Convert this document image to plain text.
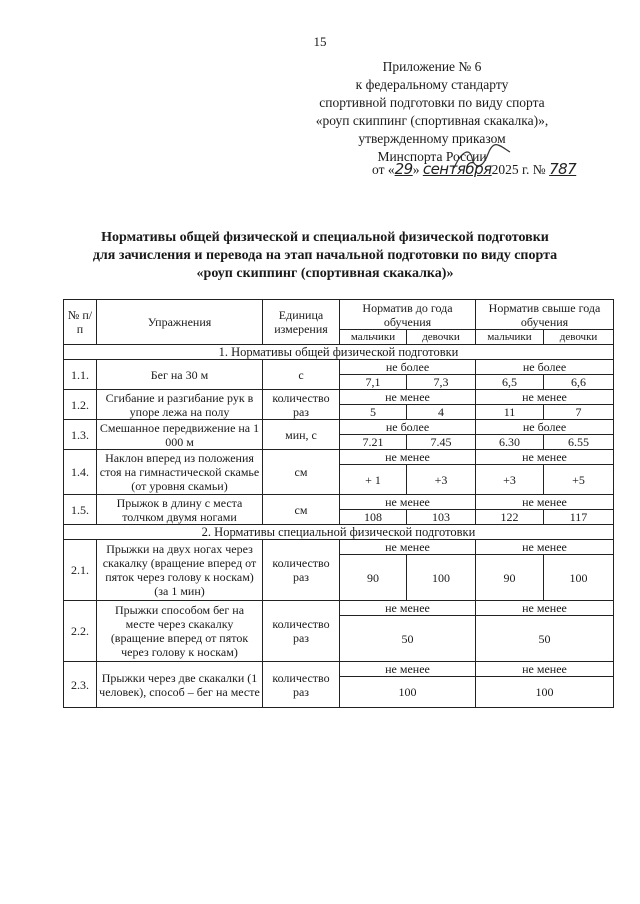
15
Приложение № 6
к федеральному стандарту
спортивной подготовки по виду спорта
«роуп скиппинг (спортивная скакалка)»,
утвержденному приказом
Минспорта России
от «29» сентября2025 г. № 787
Нормативы общей физической и специальной физической подготовки
для зачисления и перевода на этап начальной подготовки по виду спорта
«роуп скиппинг (спортивная скакалка)»
№ п/п	Упражнения	Единица измерения	Норматив до года обучения		Норматив свыше года обучения	
			мальчики	девочки	мальчики	девочки
1. Нормативы общей физической подготовки						
1.1.	Бег на 30 м	с	не более		не более	
			7,1	7,3	6,5	6,6
1.2.	Сгибание и разгибание рук в упоре лежа на полу	количество раз	не менее		не менее	
			5	4	11	7
1.3.	Смешанное передвижение на 1 000 м	мин, с	не более		не более	
			7.21	7.45	6.30	6.55
1.4.	Наклон вперед из положения стоя на гимнастической скамье (от уровня скамьи)	см	не менее		не менее	
			+ 1	+3	+3	+5
1.5.	Прыжок в длину с места толчком двумя ногами	см	не менее		не менее	
			108	103	122	117
2. Нормативы специальной физической подготовки						
2.1.	Прыжки на двух ногах через скакалку (вращение вперед от пяток через голову к носкам) (за 1 мин)	количество раз	не менее		не менее	
			90	100	90	100
2.2.	Прыжки способом бег на месте через скакалку (вращение вперед от пяток через голову к носкам)	количество раз	не менее		не менее	
			50		50	
2.3.	Прыжки через две скакалки (1 человек), способ – бег на месте	количество раз	не менее		не менее	
			100		100	
